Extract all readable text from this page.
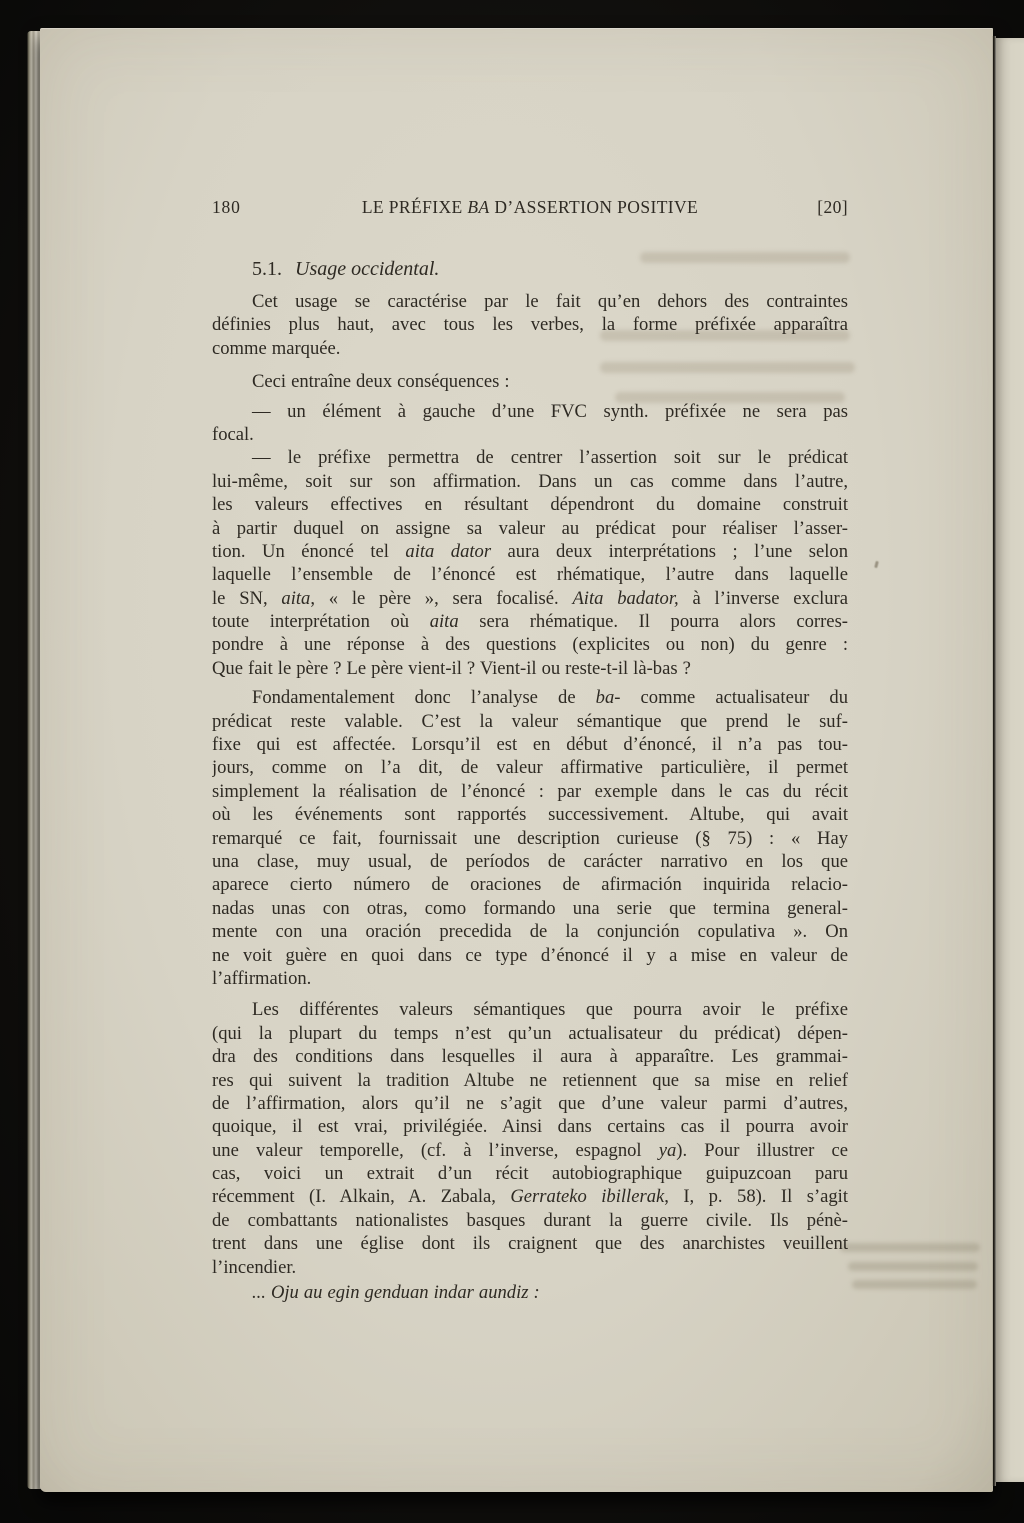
180	LE PRÉFIXE BA D’ASSERTION POSITIVE	[20]
5.1. Usage occidental.
Cet usage se caractérise par le fait qu’en dehors des contraintes
définies plus haut, avec tous les verbes, la forme préfixée apparaîtra
comme marquée.
Ceci entraîne deux conséquences :
— un élément à gauche d’une FVC synth. préfixée ne sera pas
focal.
— le préfixe permettra de centrer l’assertion soit sur le prédicat
lui-même, soit sur son affirmation. Dans un cas comme dans l’autre,
les valeurs effectives en résultant dépendront du domaine construit
à partir duquel on assigne sa valeur au prédicat pour réaliser l’asser-
tion. Un énoncé tel aita dator aura deux interprétations ; l’une selon
laquelle l’ensemble de l’énoncé est rhématique, l’autre dans laquelle
le SN, aita, « le père », sera focalisé. Aita badator, à l’inverse exclura
toute interprétation où aita sera rhématique. Il pourra alors corres-
pondre à une réponse à des questions (explicites ou non) du genre :
Que fait le père ? Le père vient-il ? Vient-il ou reste-t-il là-bas ?
Fondamentalement donc l’analyse de ba- comme actualisateur du
prédicat reste valable. C’est la valeur sémantique que prend le suf-
fixe qui est affectée. Lorsqu’il est en début d’énoncé, il n’a pas tou-
jours, comme on l’a dit, de valeur affirmative particulière, il permet
simplement la réalisation de l’énoncé : par exemple dans le cas du récit
où les événements sont rapportés successivement. Altube, qui avait
remarqué ce fait, fournissait une description curieuse (§ 75) : « Hay
una clase, muy usual, de períodos de carácter narrativo en los que
aparece cierto número de oraciones de afirmación inquirida relacio-
nadas unas con otras, como formando una serie que termina general-
mente con una oración precedida de la conjunción copulativa ». On
ne voit guère en quoi dans ce type d’énoncé il y a mise en valeur de
l’affirmation.
Les différentes valeurs sémantiques que pourra avoir le préfixe
(qui la plupart du temps n’est qu’un actualisateur du prédicat) dépen-
dra des conditions dans lesquelles il aura à apparaître. Les grammai-
res qui suivent la tradition Altube ne retiennent que sa mise en relief
de l’affirmation, alors qu’il ne s’agit que d’une valeur parmi d’autres,
quoique, il est vrai, privilégiée. Ainsi dans certains cas il pourra avoir
une valeur temporelle, (cf. à l’inverse, espagnol ya). Pour illustrer ce
cas, voici un extrait d’un récit autobiographique guipuzcoan paru
récemment (I. Alkain, A. Zabala, Gerrateko ibillerak, I, p. 58). Il s’agit
de combattants nationalistes basques durant la guerre civile. Ils pénè-
trent dans une église dont ils craignent que des anarchistes veuillent
l’incendier.
... Oju au egin genduan indar aundiz :
